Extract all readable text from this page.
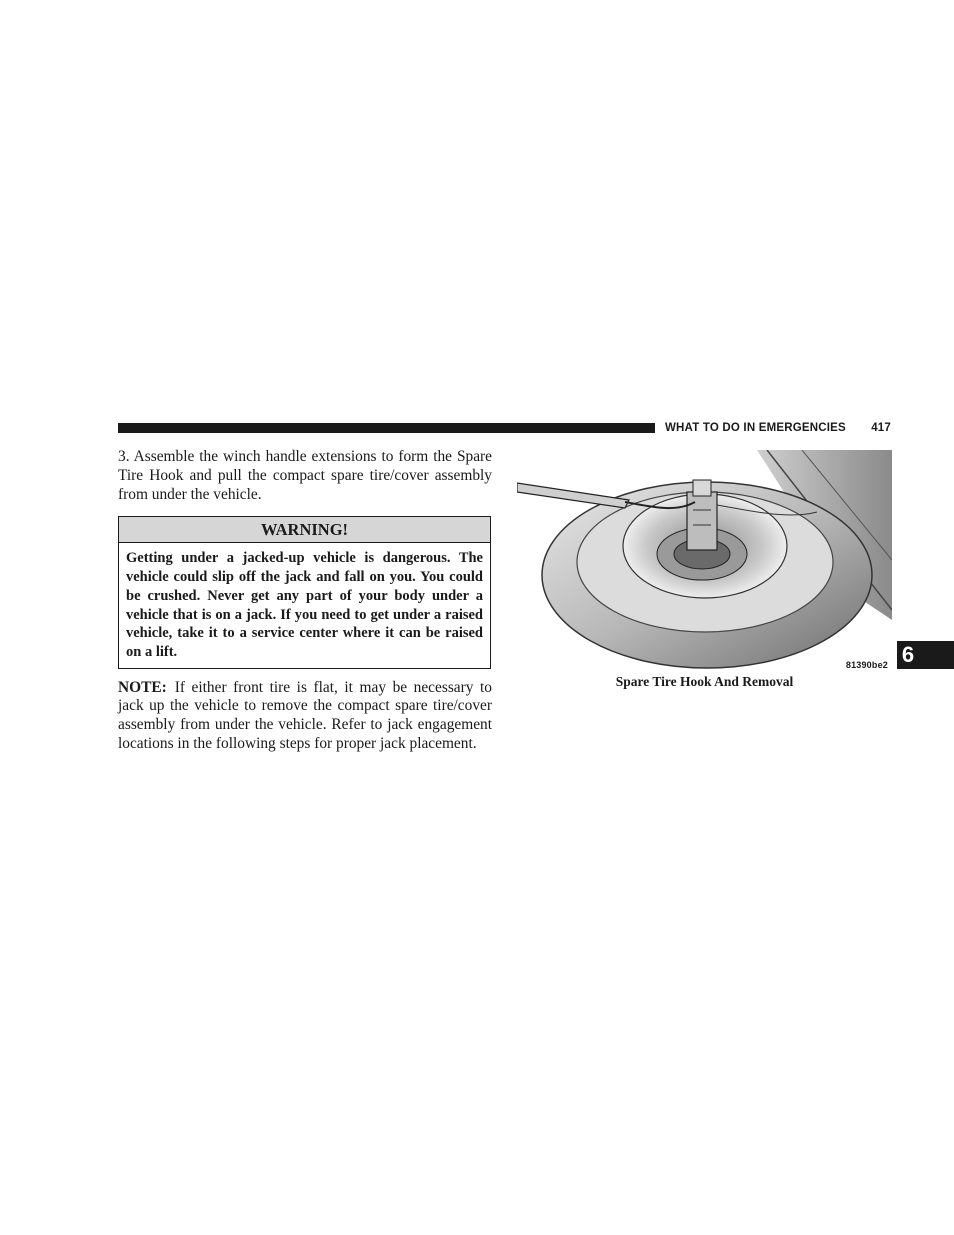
WHAT TO DO IN EMERGENCIES 417

3. Assemble the winch handle extensions to form the Spare Tire Hook and pull the compact spare tire/cover assembly from under the vehicle.

WARNING!
Getting under a jacked-up vehicle is dangerous. The vehicle could slip off the jack and fall on you. You could be crushed. Never get any part of your body under a vehicle that is on a jack. If you need to get under a raised vehicle, take it to a service center where it can be raised on a lift.

NOTE: If either front tire is flat, it may be necessary to jack up the vehicle to remove the compact spare tire/cover assembly from under the vehicle. Refer to jack engagement locations in the following steps for proper jack placement.

81390be2
Spare Tire Hook And Removal
6
